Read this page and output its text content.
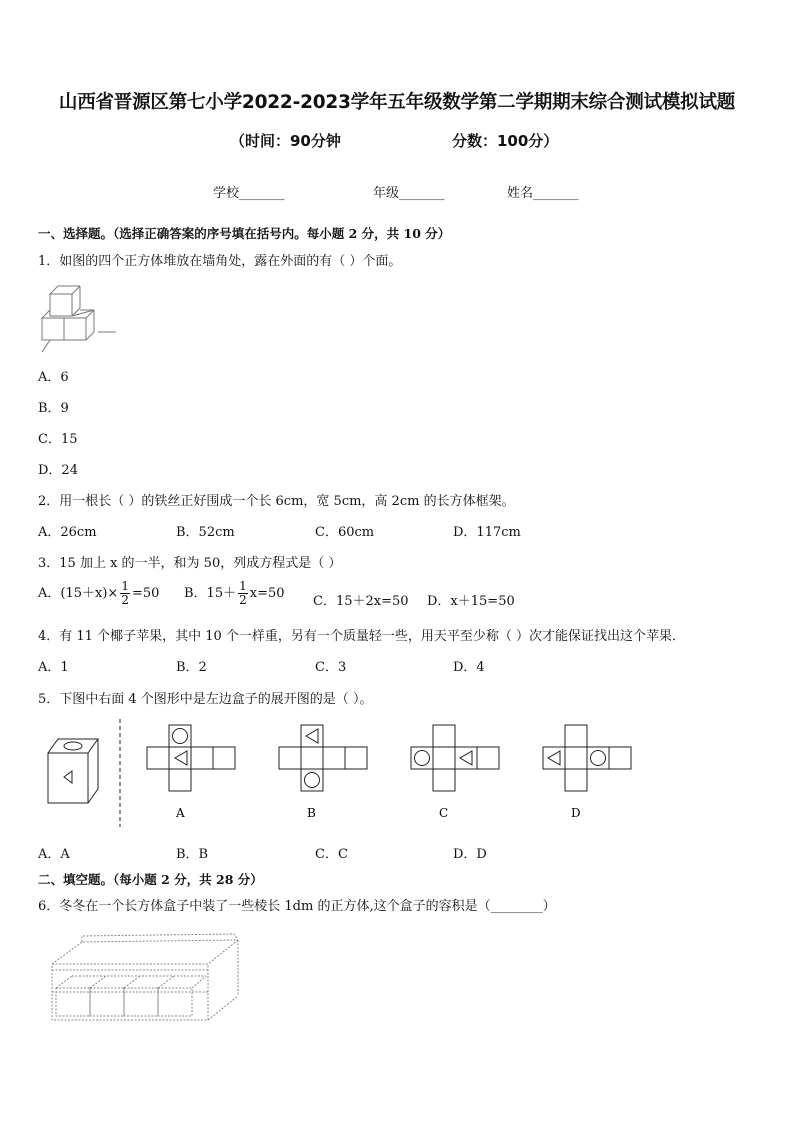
山西省晋源区第七小学2022-2023学年五年级数学第二学期期末综合测试模拟试题
（时间：90分钟	分数：100分）
学校_______	年级_______	姓名_______
一、选择题。（选择正确答案的序号填在括号内。每小题 2 分，共 10 分）
1．如图的四个正方体堆放在墙角处，露在外面的有（ ）个面。
A．6
B．9
C．15
D．24
2．用一根长（ ）的铁丝正好围成一个长 6cm，宽 5cm，高 2cm 的长方体框架。
A．26cm	B．52cm	C．60cm	D．117cm
3．15 加上 x 的一半，和为 50，列成方程式是（ ）
A．$(15+x)\times \frac{1}{2} =50$ B．$15+ \frac{1}{2} x=50$
C．15＋2x=50 D．x＋15=50
4．有 11 个椰子苹果，其中 10 个一样重，另有一个质量轻一些，用天平至少称（ ）次才能保证找出这个苹果．
A．1	B．2	C．3	D．4
5．下图中右面 4 个图形中是左边盒子的展开图的是（ ）。
A	B	C	D
A．A	B．B	C．C	D．D
二、填空题。（每小题 2 分，共 28 分）
6．冬冬在一个长方体盒子中装了一些棱长 1dm 的正方体,这个盒子的容积是（________）
